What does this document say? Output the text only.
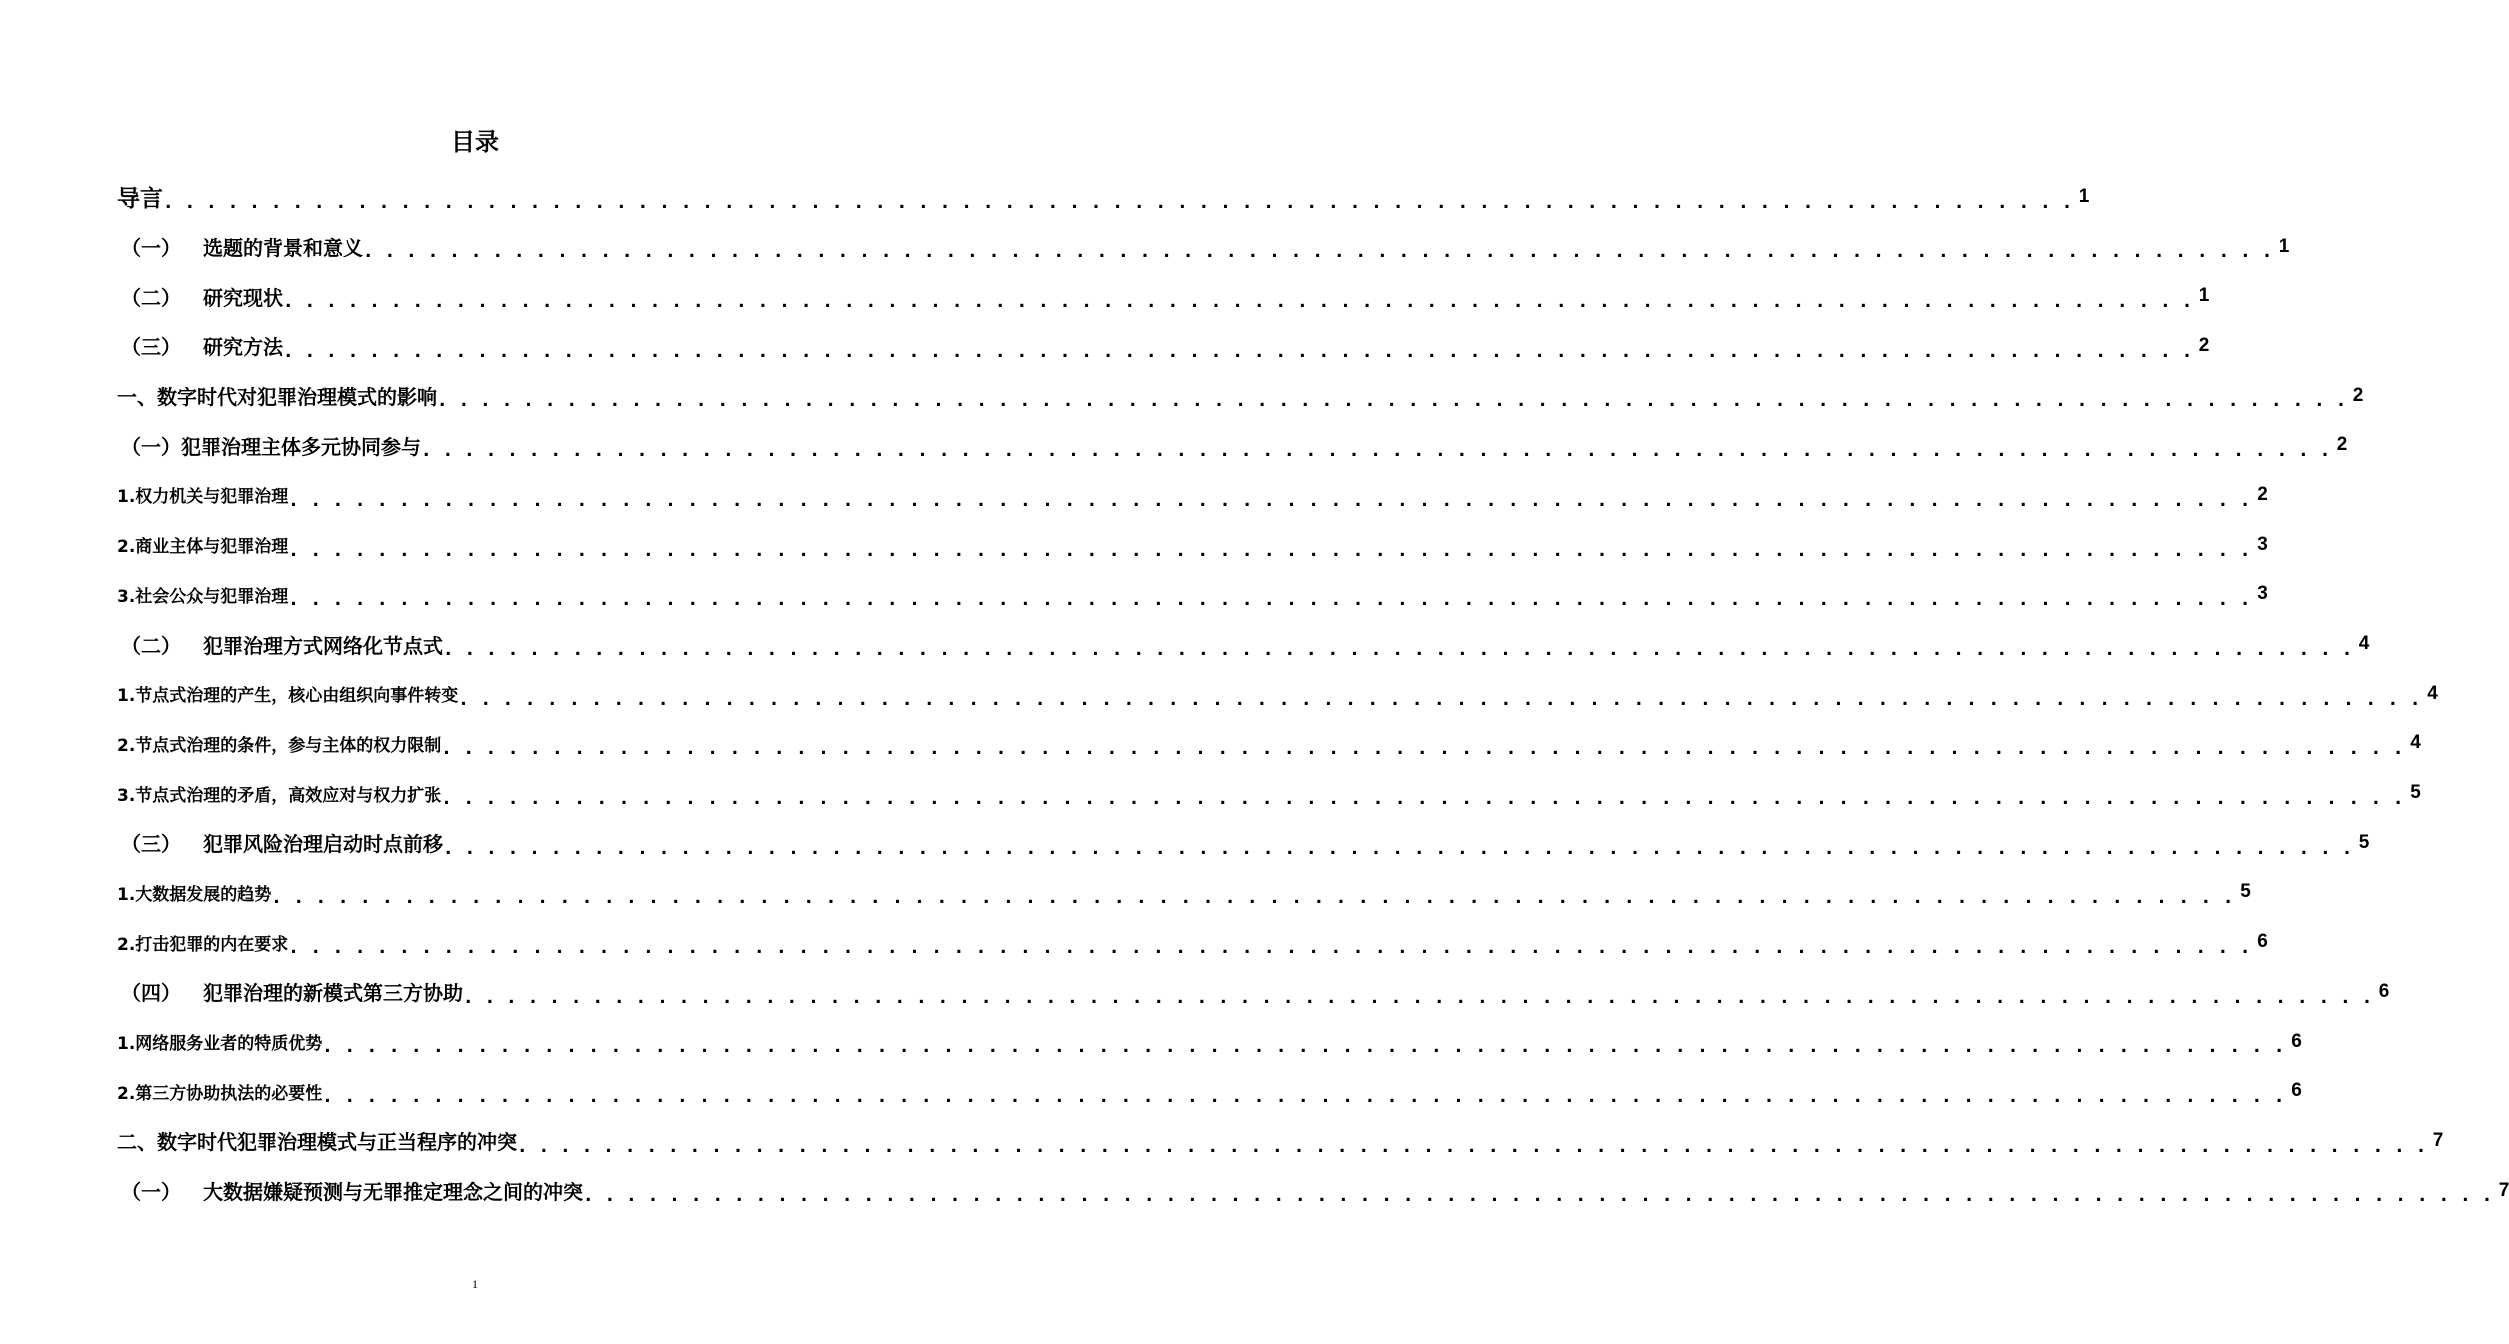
目录
导言 . . . . . . . . . . . . . . . . . . . . . . . . . . . . . . . . . . . . . . . . . . . . . . . . . . . . . . . . . . . . . . . . . . . . . . . . . . . . . . . . . . . . . . . . . 1
（一） 选题的背景和意义 . . . . . . . . . . . . . . . . . . . . . . . . . . . . . . . . . . . . . . . . . . . . . . . . . . . . . . . . . . . . . . . . . . . . . . . . . . . . . . . . . . . . . . . . . 1
（二） 研究现状 . . . . . . . . . . . . . . . . . . . . . . . . . . . . . . . . . . . . . . . . . . . . . . . . . . . . . . . . . . . . . . . . . . . . . . . . . . . . . . . . . . . . . . . . . 1
（三） 研究方法 . . . . . . . . . . . . . . . . . . . . . . . . . . . . . . . . . . . . . . . . . . . . . . . . . . . . . . . . . . . . . . . . . . . . . . . . . . . . . . . . . . . . . . . . . 2
一、数字时代对犯罪治理模式的影响 . . . . . . . . . . . . . . . . . . . . . . . . . . . . . . . . . . . . . . . . . . . . . . . . . . . . . . . . . . . . . . . . . . . . . . . . . . . . . . . . . . . . . . . . . 2
（一）犯罪治理主体多元协同参与 . . . . . . . . . . . . . . . . . . . . . . . . . . . . . . . . . . . . . . . . . . . . . . . . . . . . . . . . . . . . . . . . . . . . . . . . . . . . . . . . . . . . . . . . . 2
1.权力机关与犯罪治理 . . . . . . . . . . . . . . . . . . . . . . . . . . . . . . . . . . . . . . . . . . . . . . . . . . . . . . . . . . . . . . . . . . . . . . . . . . . . . . . . . . . . . . . . . 2
2.商业主体与犯罪治理 . . . . . . . . . . . . . . . . . . . . . . . . . . . . . . . . . . . . . . . . . . . . . . . . . . . . . . . . . . . . . . . . . . . . . . . . . . . . . . . . . . . . . . . . . 3
3.社会公众与犯罪治理 . . . . . . . . . . . . . . . . . . . . . . . . . . . . . . . . . . . . . . . . . . . . . . . . . . . . . . . . . . . . . . . . . . . . . . . . . . . . . . . . . . . . . . . . . 3
（二） 犯罪治理方式网络化节点式 . . . . . . . . . . . . . . . . . . . . . . . . . . . . . . . . . . . . . . . . . . . . . . . . . . . . . . . . . . . . . . . . . . . . . . . . . . . . . . . . . . . . . . . . . 4
1.节点式治理的产生，核心由组织向事件转变 . . . . . . . . . . . . . . . . . . . . . . . . . . . . . . . . . . . . . . . . . . . . . . . . . . . . . . . . . . . . . . . . . . . . . . . . . . . . . . . . . . . . . . . . . 4
2.节点式治理的条件，参与主体的权力限制 . . . . . . . . . . . . . . . . . . . . . . . . . . . . . . . . . . . . . . . . . . . . . . . . . . . . . . . . . . . . . . . . . . . . . . . . . . . . . . . . . . . . . . . . . 4
3.节点式治理的矛盾，高效应对与权力扩张 . . . . . . . . . . . . . . . . . . . . . . . . . . . . . . . . . . . . . . . . . . . . . . . . . . . . . . . . . . . . . . . . . . . . . . . . . . . . . . . . . . . . . . . . . 5
（三） 犯罪风险治理启动时点前移 . . . . . . . . . . . . . . . . . . . . . . . . . . . . . . . . . . . . . . . . . . . . . . . . . . . . . . . . . . . . . . . . . . . . . . . . . . . . . . . . . . . . . . . . . 5
1.大数据发展的趋势 . . . . . . . . . . . . . . . . . . . . . . . . . . . . . . . . . . . . . . . . . . . . . . . . . . . . . . . . . . . . . . . . . . . . . . . . . . . . . . . . . . . . . . . . . 5
2.打击犯罪的内在要求 . . . . . . . . . . . . . . . . . . . . . . . . . . . . . . . . . . . . . . . . . . . . . . . . . . . . . . . . . . . . . . . . . . . . . . . . . . . . . . . . . . . . . . . . . 6
（四） 犯罪治理的新模式第三方协助 . . . . . . . . . . . . . . . . . . . . . . . . . . . . . . . . . . . . . . . . . . . . . . . . . . . . . . . . . . . . . . . . . . . . . . . . . . . . . . . . . . . . . . . . . 6
1.网络服务业者的特质优势 . . . . . . . . . . . . . . . . . . . . . . . . . . . . . . . . . . . . . . . . . . . . . . . . . . . . . . . . . . . . . . . . . . . . . . . . . . . . . . . . . . . . . . . . . 6
2.第三方协助执法的必要性 . . . . . . . . . . . . . . . . . . . . . . . . . . . . . . . . . . . . . . . . . . . . . . . . . . . . . . . . . . . . . . . . . . . . . . . . . . . . . . . . . . . . . . . . . 6
二、数字时代犯罪治理模式与正当程序的冲突 . . . . . . . . . . . . . . . . . . . . . . . . . . . . . . . . . . . . . . . . . . . . . . . . . . . . . . . . . . . . . . . . . . . . . . . . . . . . . . . . . . . . . . . . . 7
（一） 大数据嫌疑预测与无罪推定理念之间的冲突 . . . . . . . . . . . . . . . . . . . . . . . . . . . . . . . . . . . . . . . . . . . . . . . . . . . . . . . . . . . . . . . . . . . . . . . . . . . . . . . . . . . . . . . . . 7
1
